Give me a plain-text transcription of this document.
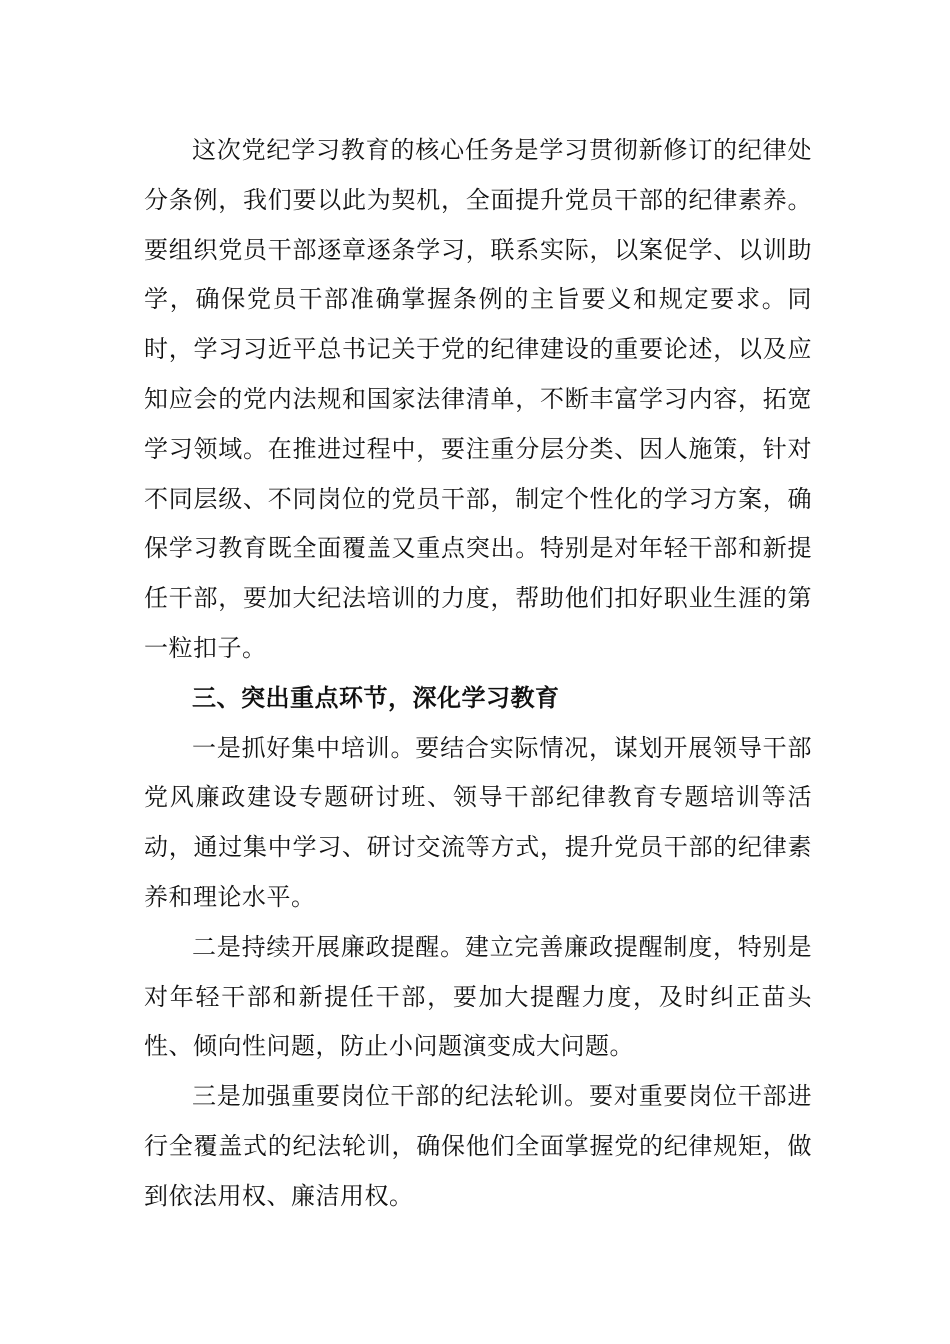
这次党纪学习教育的核心任务是学习贯彻新修订的纪律处分条例，我们要以此为契机，全面提升党员干部的纪律素养。要组织党员干部逐章逐条学习，联系实际，以案促学、以训助学，确保党员干部准确掌握条例的主旨要义和规定要求。同时，学习习近平总书记关于党的纪律建设的重要论述，以及应知应会的党内法规和国家法律清单，不断丰富学习内容，拓宽学习领域。在推进过程中，要注重分层分类、因人施策，针对不同层级、不同岗位的党员干部，制定个性化的学习方案，确保学习教育既全面覆盖又重点突出。特别是对年轻干部和新提任干部，要加大纪法培训的力度，帮助他们扣好职业生涯的第一粒扣子。

三、突出重点环节，深化学习教育

一是抓好集中培训。要结合实际情况，谋划开展领导干部党风廉政建设专题研讨班、领导干部纪律教育专题培训等活动，通过集中学习、研讨交流等方式，提升党员干部的纪律素养和理论水平。

二是持续开展廉政提醒。建立完善廉政提醒制度，特别是对年轻干部和新提任干部，要加大提醒力度，及时纠正苗头性、倾向性问题，防止小问题演变成大问题。

三是加强重要岗位干部的纪法轮训。要对重要岗位干部进行全覆盖式的纪法轮训，确保他们全面掌握党的纪律规矩，做到依法用权、廉洁用权。
